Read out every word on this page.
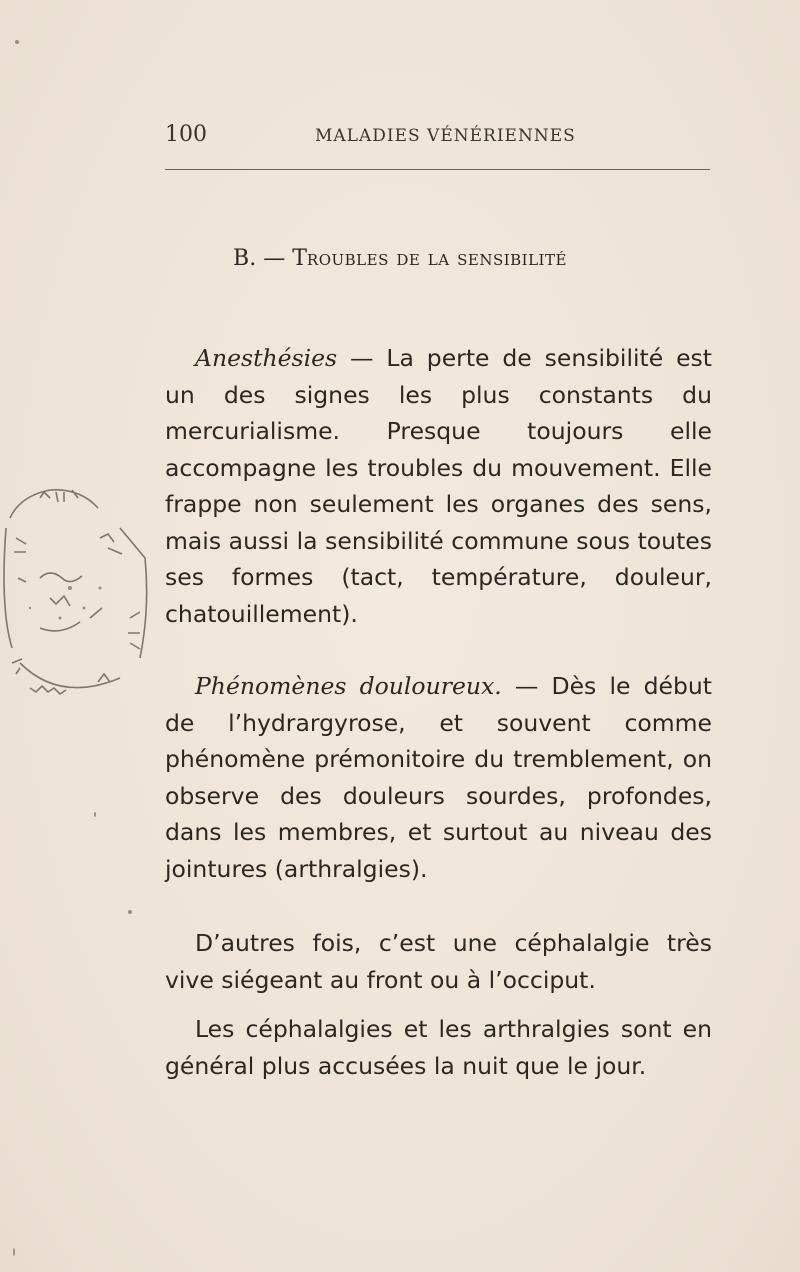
100	MALADIES VÉNÉRIENNES
B. — Troubles de la sensibilité

Anesthésies — La perte de sensibilité est un des signes les plus constants du mercurialisme. Presque toujours elle accompagne les troubles du mouvement. Elle frappe non seulement les organes des sens, mais aussi la sensibilité commune sous toutes ses formes (tact, température, douleur, chatouillement).

Phénomènes douloureux. — Dès le début de l’hydrargyrose, et souvent comme phénomène prémonitoire du tremblement, on observe des douleurs sourdes, profondes, dans les membres, et surtout au niveau des jointures (arthralgies).

D’autres fois, c’est une céphalalgie très vive siégeant au front ou à l’occiput.

Les céphalalgies et les arthralgies sont en général plus accusées la nuit que le jour.
